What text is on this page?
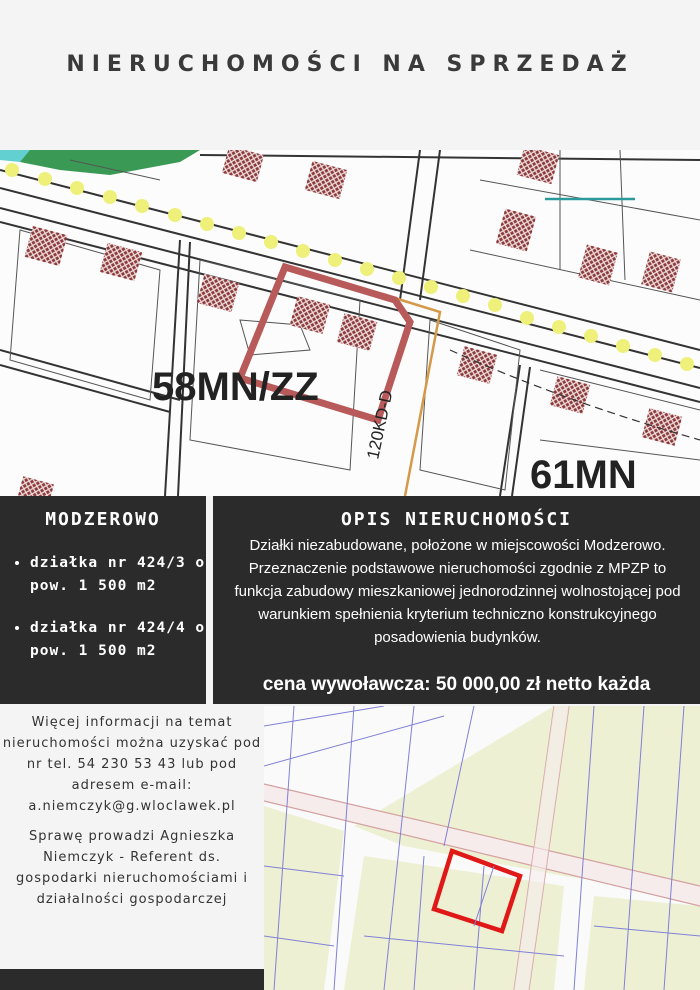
NIERUCHOMOŚCI NA SPRZEDAŻ
58MN/ZZ
61MN
120KD-D
MODZEROWO
• działka nr 424/3 o pow. 1 500 m2
• działka nr 424/4 o pow. 1 500 m2
OPIS NIERUCHOMOŚCI

Działki niezabudowane, położone w miejscowości Modzerowo. Przeznaczenie podstawowe nieruchomości zgodnie z MPZP to funkcja zabudowy mieszkaniowej jednorodzinnej wolnostojącej pod warunkiem spełnienia kryterium techniczno konstrukcyjnego posadowienia budynków.

cena wywoławcza: 50 000,00 zł netto każda
Więcej informacji na temat nieruchomości można uzyskać pod nr tel. 54 230 53 43 lub pod adresem e-mail: a.niemczyk@g.wloclawek.pl
Sprawę prowadzi Agnieszka Niemczyk - Referent ds. gospodarki nieruchomościami i działalności gospodarczej
